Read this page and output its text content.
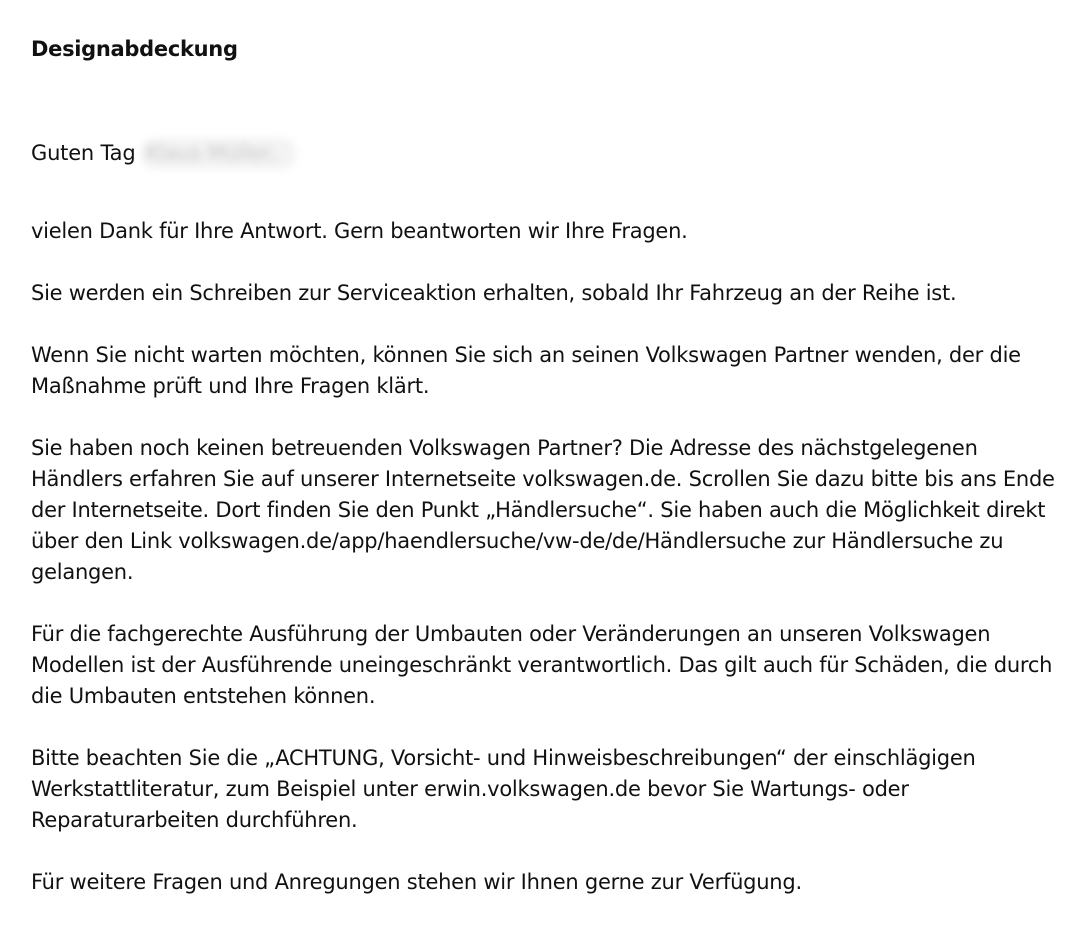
Designabdeckung

Guten Tag Klaus Müller,

vielen Dank für Ihre Antwort. Gern beantworten wir Ihre Fragen.

Sie werden ein Schreiben zur Serviceaktion erhalten, sobald Ihr Fahrzeug an der Reihe ist.

Wenn Sie nicht warten möchten, können Sie sich an seinen Volkswagen Partner wenden, der die Maßnahme prüft und Ihre Fragen klärt.

Sie haben noch keinen betreuenden Volkswagen Partner? Die Adresse des nächstgelegenen Händlers erfahren Sie auf unserer Internetseite volkswagen.de. Scrollen Sie dazu bitte bis ans Ende der Internetseite. Dort finden Sie den Punkt „Händlersuche“. Sie haben auch die Möglichkeit direkt über den Link volkswagen.de/app/haendlersuche/vw-de/de/Händlersuche zur Händlersuche zu gelangen.

Für die fachgerechte Ausführung der Umbauten oder Veränderungen an unseren Volkswagen Modellen ist der Ausführende uneingeschränkt verantwortlich. Das gilt auch für Schäden, die durch die Umbauten entstehen können.

Bitte beachten Sie die „ACHTUNG, Vorsicht- und Hinweisbeschreibungen“ der einschlägigen Werkstattliteratur, zum Beispiel unter erwin.volkswagen.de bevor Sie Wartungs- oder Reparaturarbeiten durchführen.

Für weitere Fragen und Anregungen stehen wir Ihnen gerne zur Verfügung.
